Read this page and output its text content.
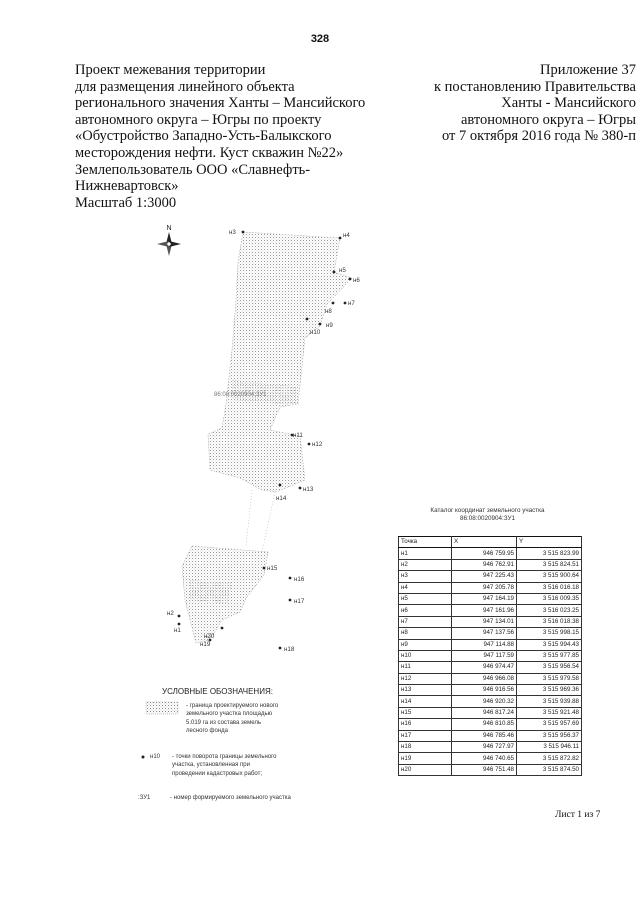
328
Проект межевания территории
для размещения линейного объекта
регионального значения Ханты – Мансийского
автономного округа – Югры по проекту
«Обустройство Западно-Усть-Балыкского
месторождения нефти. Куст скважин №22»
Землепользователь ООО «Славнефть-
Нижневартовск»
Масштаб 1:3000
Приложение 37
к постановлению Правительства
Ханты - Мансийского
автономного округа – Югры
от 7 октября 2016 года № 380-п
N
86:08:0020904:ЗУ1
н3	н4
н5
н6
н8
н7
н9
н10
н11
н12
н13
н14
н15
н16
н17
н18
н19
н20
н2
н1
Каталог координат земельного участка
86:08:0020904:ЗУ1
Точка	X	Y
н1	946 759.95	3 515 823.99
н2	946 762.91	3 515 824.51
н3	947 225.43	3 515 900.64
н4	947 205.78	3 516 016.18
н5	947 164.19	3 516 009.35
н6	947 161.96	3 516 023.25
н7	947 134.01	3 516 018.38
н8	947 137.56	3 515 998.15
н9	947 114.88	3 515 994.43
н10	947 117.59	3 515 977.85
н11	946 974.47	3 515 956.54
н12	946 966.08	3 515 979.58
н13	946 916.56	3 515 969.36
н14	946 920.32	3 515 939.88
н15	946 817.24	3 515 921.48
н16	946 810.85	3 515 957.69
н17	946 785.46	3 515 956.37
н18	946 727.97	3 515 946.11
н19	946 740.65	3 515 872.82
н20	946 751.48	3 515 874.50
УСЛОВНЫЕ ОБОЗНАЧЕНИЯ:
- граница проектируемого нового
земельного участка площадью
5.019 га из состава земель
лесного фонда
н10 - точки поворота границы земельного
участка, установленная при
проведении кадастровых работ;
:ЗУ1	- номер формируемого земельного участка
Лист 1 из 7
